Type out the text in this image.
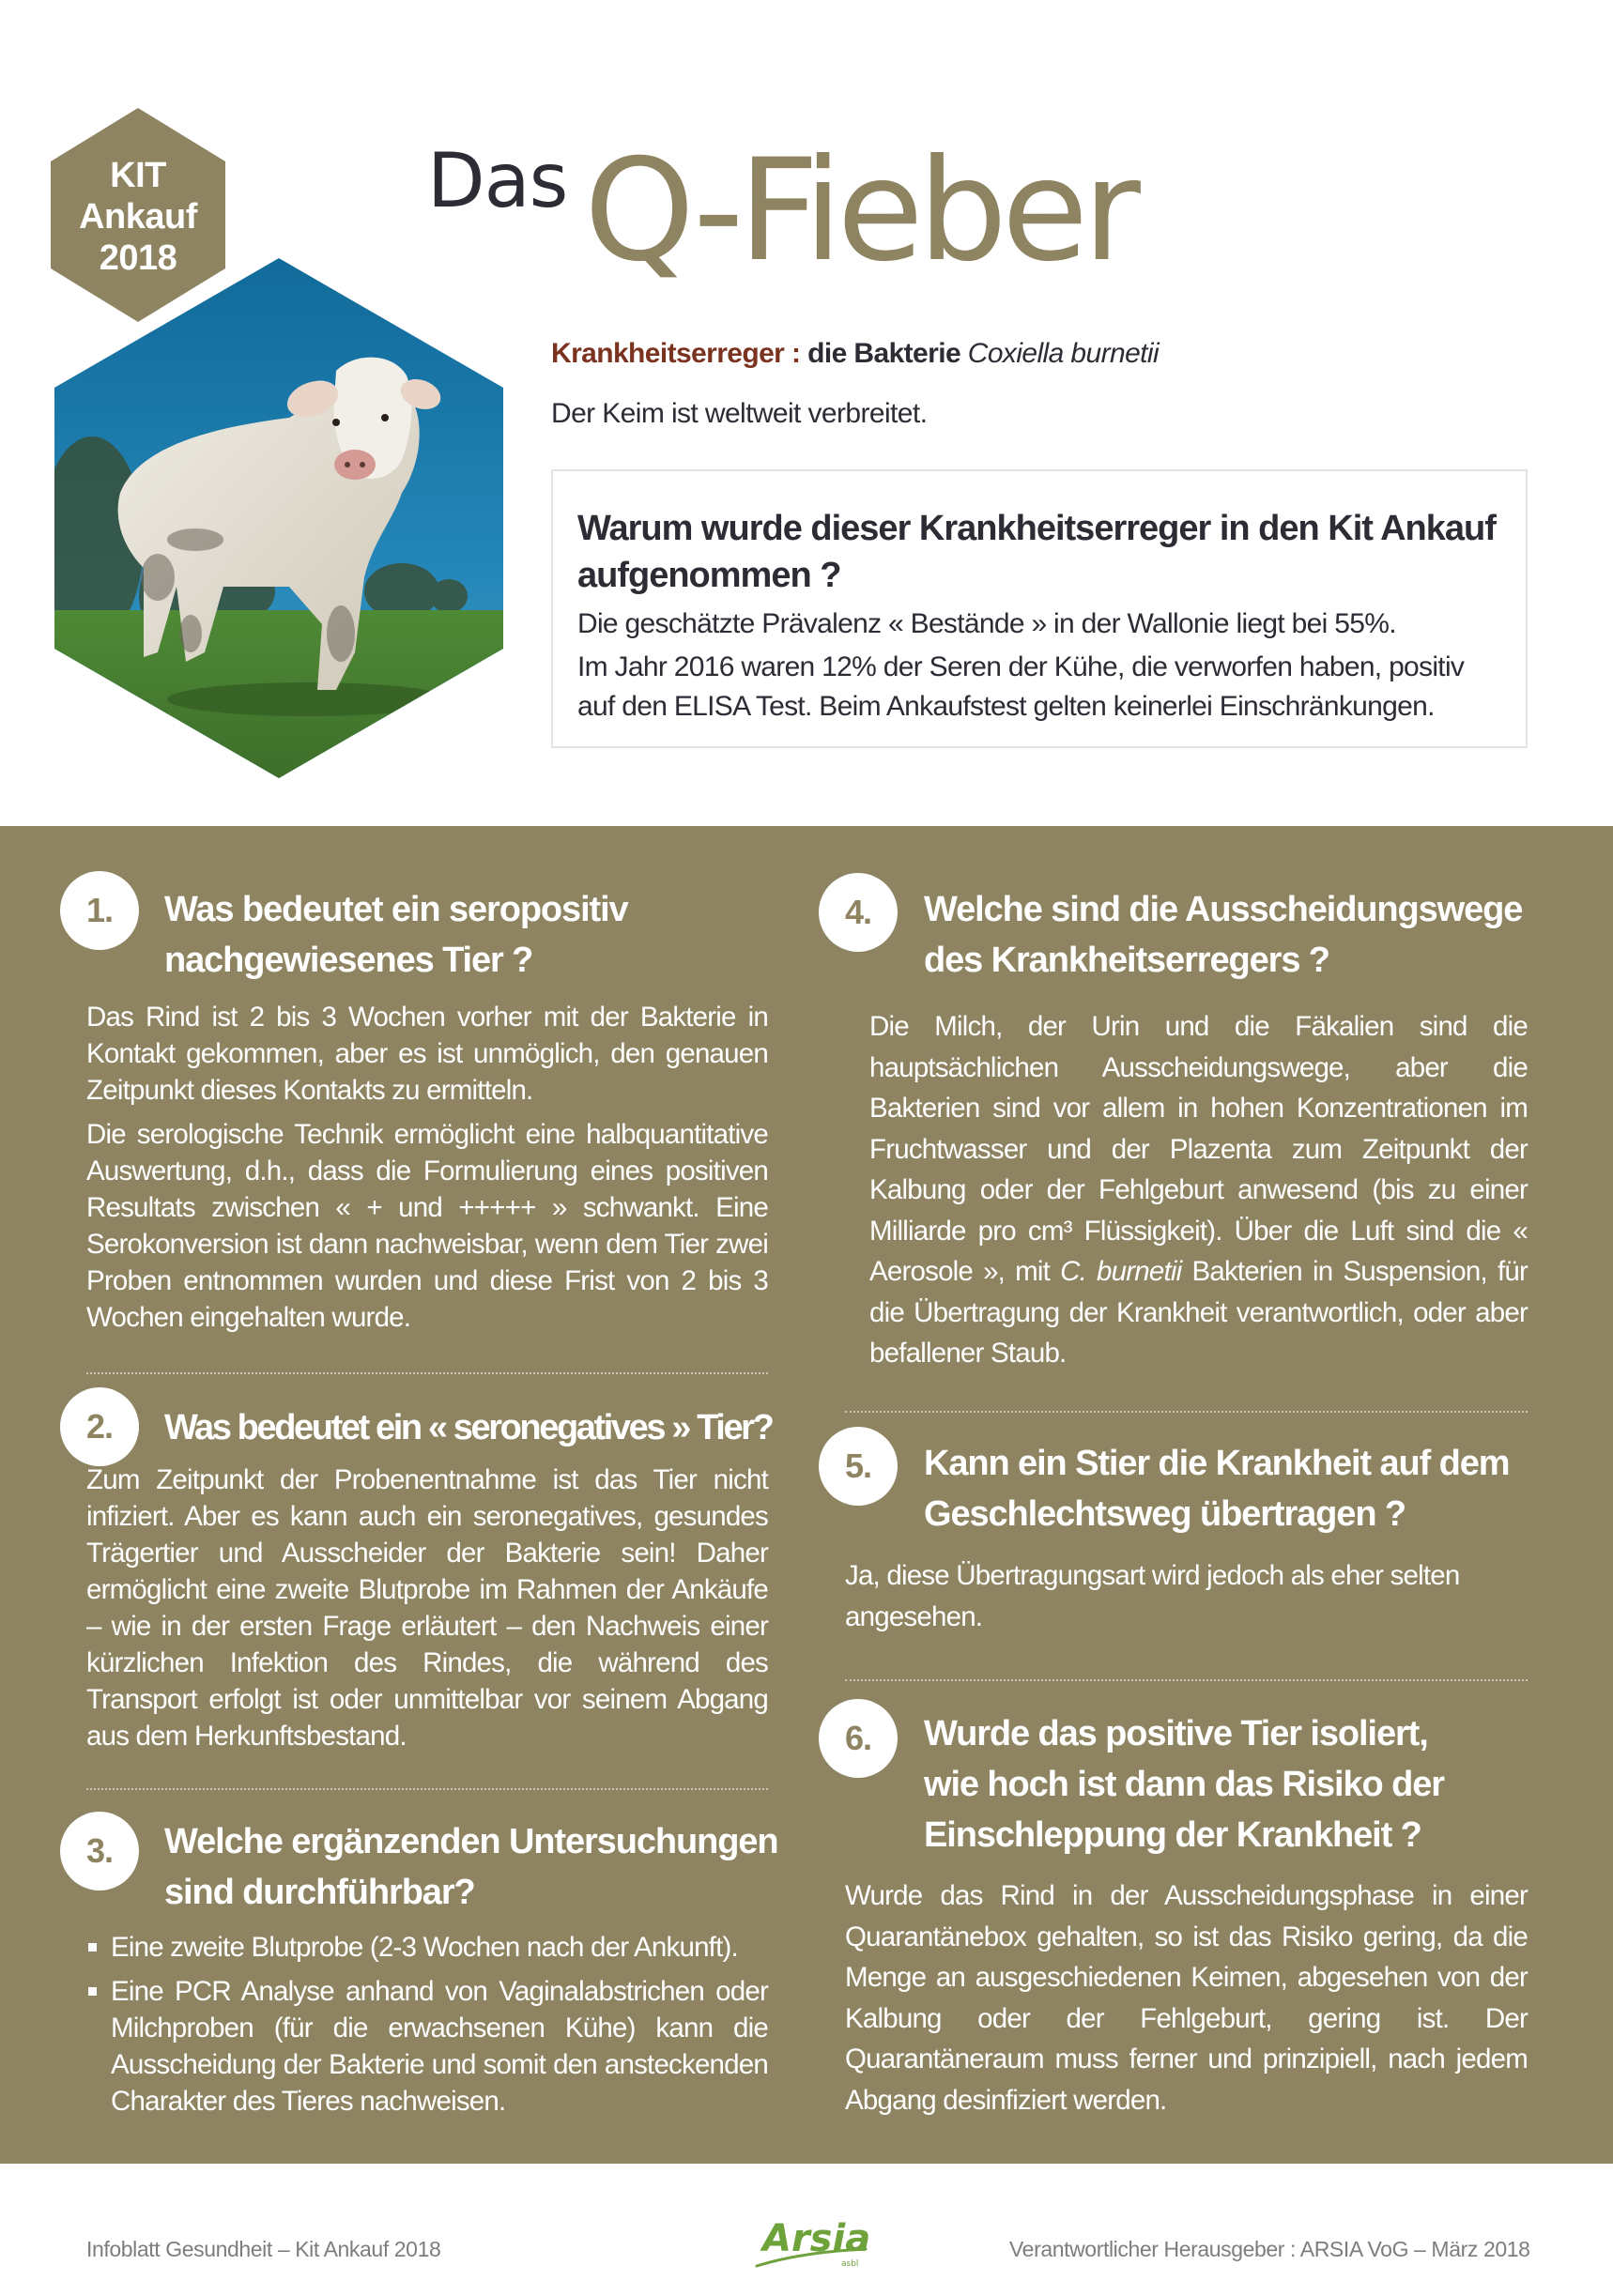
KIT
Ankauf
2018
Das Q-Fieber
Krankheitserreger : die Bakterie Coxiella burnetii
Der Keim ist weltweit verbreitet.
Warum wurde dieser Krankheitserreger in den Kit Ankauf aufgenommen ?

Die geschätzte Prävalenz « Bestände » in der Wallonie liegt bei 55%.

Im Jahr 2016 waren 12% der Seren der Kühe, die verworfen haben, positiv auf den ELISA Test. Beim Ankaufstest gelten keinerlei Einschränkungen.

1.	Was bedeutet ein seropositiv nachgewiesenes Tier ?

Das Rind ist 2 bis 3 Wochen vorher mit der Bakterie in Kontakt gekommen, aber es ist unmöglich, den genauen Zeitpunkt dieses Kontakts zu ermitteln.

Die serologische Technik ermöglicht eine halbquantitative Auswertung, d.h., dass die Formulierung eines positiven Resultats zwischen « + und +++++ » schwankt. Eine Serokonversion ist dann nachweisbar, wenn dem Tier zwei Proben entnommen wurden und diese Frist von 2 bis 3 Wochen eingehalten wurde.

2.	Was bedeutet ein « seronegatives » Tier?

Zum Zeitpunkt der Probenentnahme ist das Tier nicht infiziert. Aber es kann auch ein seronegatives, gesundes Trägertier und Ausscheider der Bakterie sein! Daher ermöglicht eine zweite Blutprobe im Rahmen der Ankäufe – wie in der ersten Frage erläutert – den Nachweis einer kürzlichen Infektion des Rindes, die während des Transport erfolgt ist oder unmittelbar vor seinem Abgang aus dem Herkunftsbestand.

3.	Welche ergänzenden Untersuchungen sind durchführbar?
Eine zweite Blutprobe (2-3 Wochen nach der Ankunft).
Eine PCR Analyse anhand von Vaginalabstrichen oder Milchproben (für die erwachsenen Kühe) kann die Ausscheidung der Bakterie und somit den ansteckenden Charakter des Tieres nachweisen.
4.	Welche sind die Ausscheidungswege des Krankheitserregers ?

Die Milch, der Urin und die Fäkalien sind die hauptsächlichen Ausscheidungswege, aber die Bakterien sind vor allem in hohen Konzentrationen im Fruchtwasser und der Plazenta zum Zeitpunkt der Kalbung oder der Fehlgeburt anwesend (bis zu einer Milliarde pro cm³ Flüssigkeit). Über die Luft sind die « Aerosole », mit C. burnetii Bakterien in Suspension, für die Übertragung der Krankheit verantwortlich, oder aber befallener Staub.

5.	Kann ein Stier die Krankheit auf dem Geschlechtsweg übertragen ?

Ja, diese Übertragungsart wird jedoch als eher selten angesehen.

6.	Wurde das positive Tier isoliert, wie hoch ist dann das Risiko der Einschleppung der Krankheit ?

Wurde das Rind in der Ausscheidungsphase in einer Quarantänebox gehalten, so ist das Risiko gering, da die Menge an ausgeschiedenen Keimen, abgesehen von der Kalbung oder der Fehlgeburt, gering ist. Der Quarantäneraum muss ferner und prinzipiell, nach jedem Abgang desinfiziert werden.

Infoblatt Gesundheit – Kit Ankauf 2018	Arsia
asbl
Verantwortlicher Herausgeber : ARSIA VoG – März 2018
